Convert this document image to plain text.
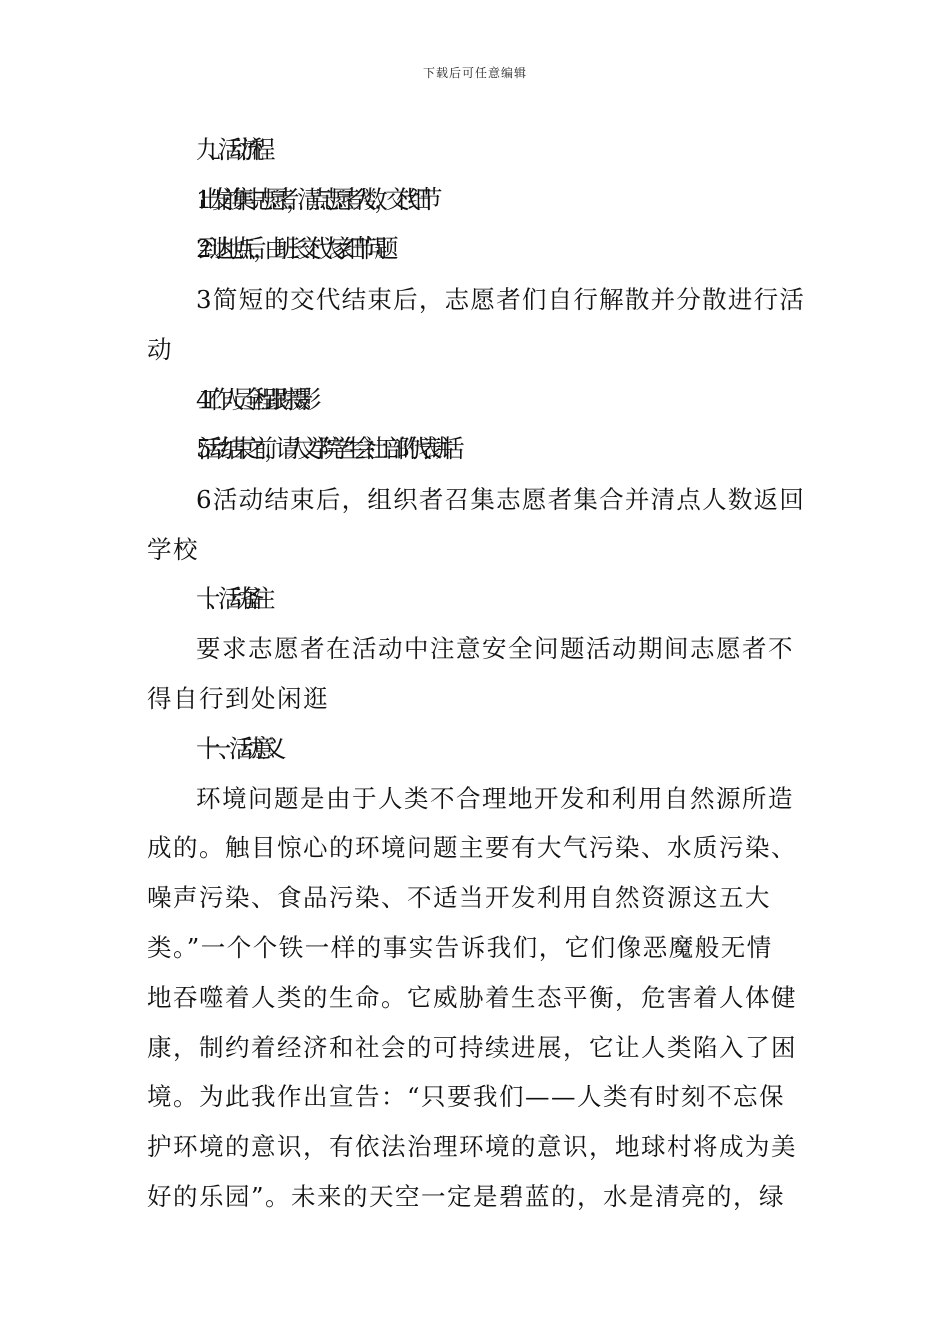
下载后可任意编辑
九、活动流程
1出发前集中志愿者，清点志愿者人数，交代细节
2到达地点后，由班长交代大家细节问题
3简短的交代结束后，志愿者们自行解散并分散进行活
动
4工作人员全程跟踪摄影
5活动结束之前，请人文学院学生会社工部的代表讲话
6活动结束后，组织者召集志愿者集合并清点人数返回
学校
十、活动备注
要求志愿者在活动中注意安全问题活动期间志愿者不
得自行到处闲逛
十一、活动意义
环境问题是由于人类不合理地开发和利用自然源所造
成的。触目惊心的环境问题主要有大气污染、水质污染、
噪声污染、食品污染、不适当开发利用自然资源这五大
类。”一个个铁一样的事实告诉我们，它们像恶魔般无情
地吞噬着人类的生命。它威胁着生态平衡，危害着人体健
康，制约着经济和社会的可持续进展，它让人类陷入了困
境。为此我作出宣告：“只要我们——人类有时刻不忘保
护环境的意识，有依法治理环境的意识，地球村将成为美
好的乐园”。未来的天空一定是碧蓝的，水是清亮的，绿
